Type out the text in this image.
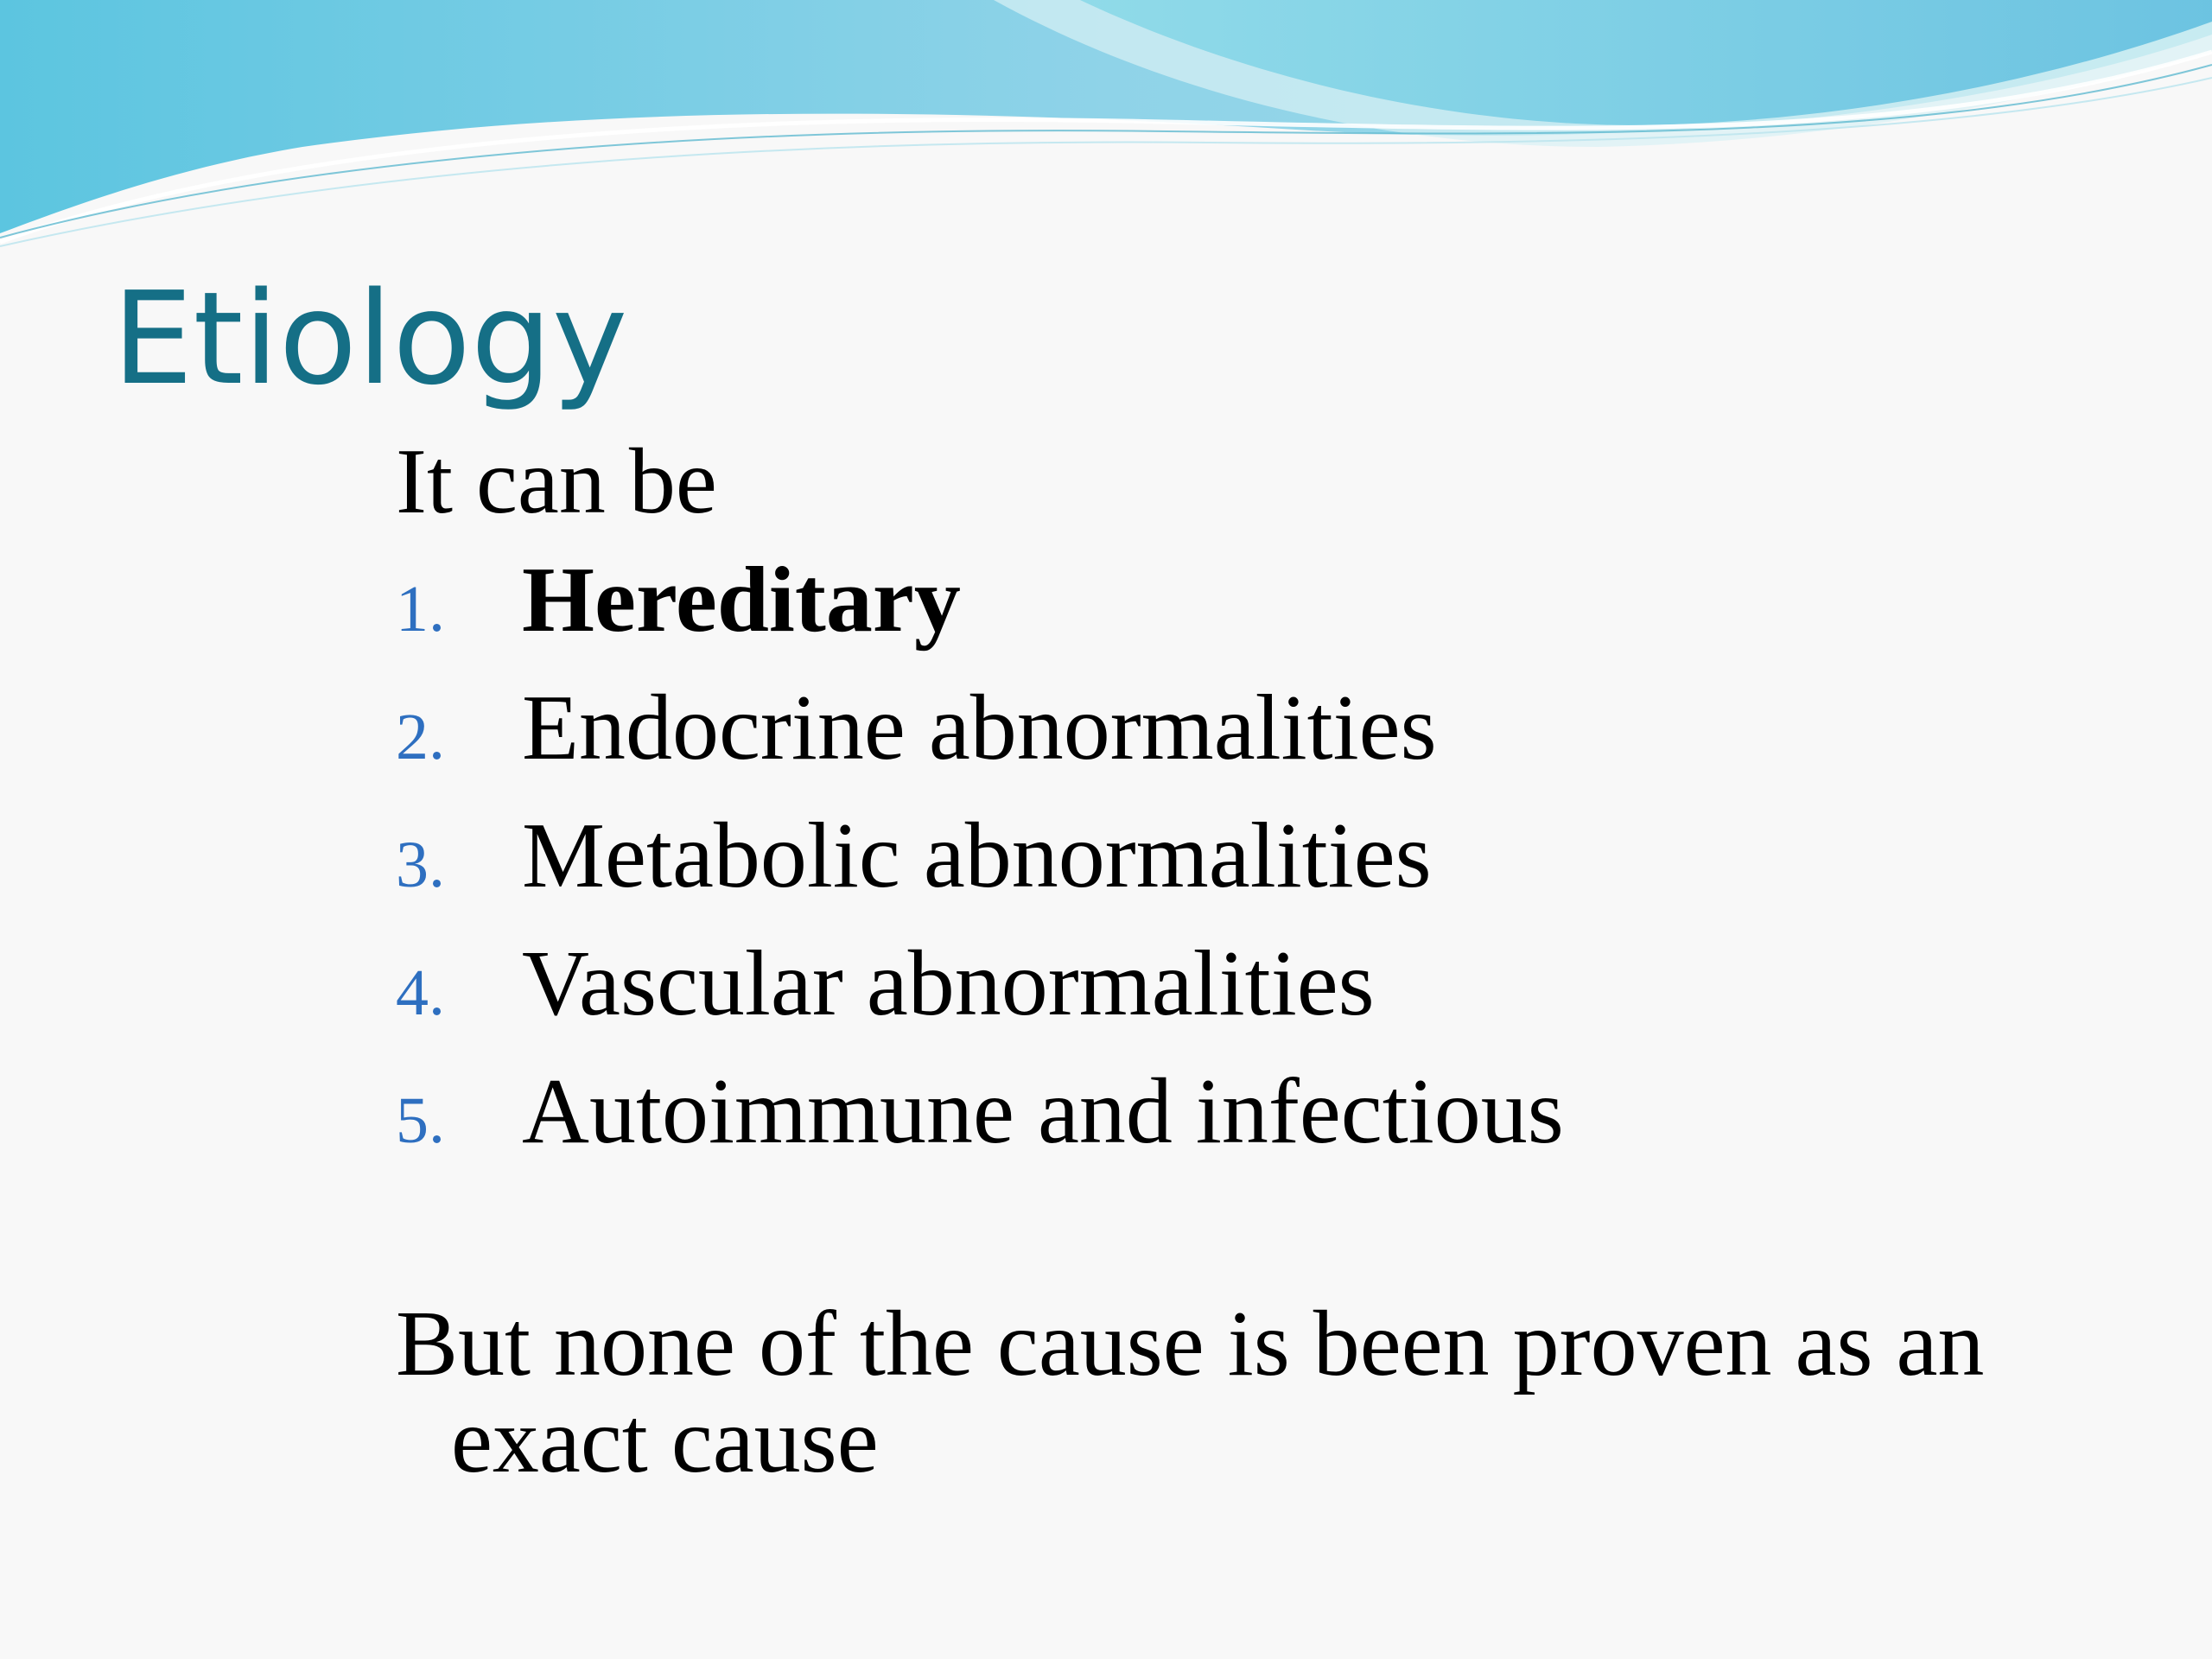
Etiology

It can be

1. Hereditary
2. Endocrine abnormalities
3. Metabolic abnormalities
4. Vascular abnormalities
5. Autoimmune and infectious

But none of the cause is been proven as an exact cause
